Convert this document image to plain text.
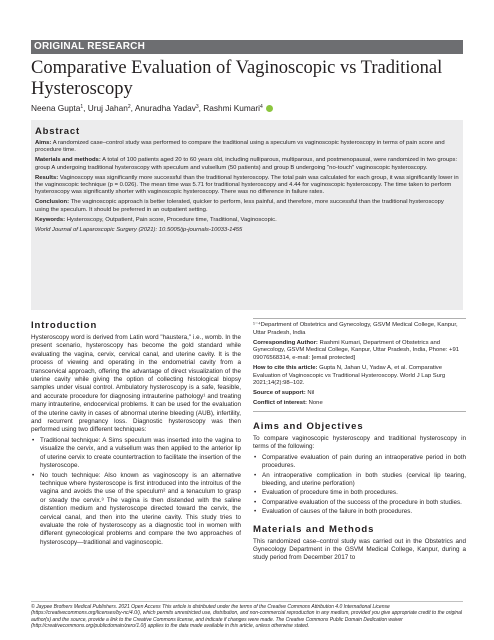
ORIGINAL RESEARCH
Comparative Evaluation of Vaginoscopic vs Traditional Hysteroscopy
Neena Gupta$^1$, Uruj Jahan$^2$, Anuradha Yadav$^3$, Rashmi Kumari$^4$
Abstract

Aims: A randomized case–control study was performed to compare the traditional using a speculum vs vaginoscopic hysteroscopy in terms of pain score and procedure time.

Materials and methods: A total of 100 patients aged 20 to 60 years old, including nulliparous, multiparous, and postmenopausal, were randomized in two groups: group A undergoing traditional hysteroscopy with speculum and vulsellum (50 patients) and group B undergoing "no-touch" vaginoscopic hysteroscopy.

Results: Vaginoscopy was significantly more successful than the traditional hysteroscopy. The total pain was calculated for each group, it was significantly lower in the vaginoscopic technique (p = 0.026). The mean time was 5.71 for traditional hysteroscopy and 4.44 for vaginoscopic hysteroscopy. The time taken to perform hysteroscopy was significantly shorter with vaginoscopic hysteroscopy. There was no difference in failure rates.

Conclusion: The vaginoscopic approach is better tolerated, quicker to perform, less painful, and therefore, more successful than the traditional hysteroscopy using the speculum. It should be preferred in an outpatient setting.

Keywords: Hysteroscopy, Outpatient, Pain score, Procedure time, Traditional, Vaginoscopic.

World Journal of Laparoscopic Surgery (2021): 10.5005/jp-journals-10033-1455

Introduction

Hysteroscopy word is derived from Latin word "haustera," i.e., womb. In the present scenario, hysteroscopy has become the gold standard while evaluating the vagina, cervix, cervical canal, and uterine cavity. It is the process of viewing and operating in the endometrial cavity from a transcervical approach, offering the advantage of direct visualization of the uterine cavity while giving the option of collecting histological biopsy samples under visual control. Ambulatory hysteroscopy is a safe, feasible, and accurate procedure for diagnosing intrauterine pathology¹ and treating many intrauterine, endocervical problems. It can be used for the evaluation of the uterine cavity in cases of abnormal uterine bleeding (AUB), infertility, and recurrent pregnancy loss. Diagnostic hysteroscopy was then performed using two different techniques:

• Traditional technique: A Sims speculum was inserted into the vagina to visualize the cervix, and a vulsellum was then applied to the anterior lip of uterine cervix to create countertraction to facilitate the insertion of the hysteroscope.
• No touch technique: Also known as vaginoscopy is an alternative technique where hysteroscope is first introduced into the introitus of the vagina and avoids the use of the speculum² and a tenaculum to grasp or steady the cervix.³ The vagina is then distended with the saline distention medium and hysteroscope directed toward the cervix, the cervical canal, and then into the uterine cavity. This study tries to evaluate the role of hysteroscopy as a diagnostic tool in women with different gynecological problems and compare the two approaches of hysteroscopy—traditional and vaginoscopic.

¹⁻⁴Department of Obstetrics and Gynecology, GSVM Medical College, Kanpur, Uttar Pradesh, India

Corresponding Author: Rashmi Kumari, Department of Obstetrics and Gynecology, GSVM Medical College, Kanpur, Uttar Pradesh, India, Phone: +91 09076568314, e-mail: [email protected]

How to cite this article: Gupta N, Jahan U, Yadav A, et al. Comparative Evaluation of Vaginoscopic vs Traditional Hysteroscopy. World J Lap Surg 2021;14(2):98–102.

Source of support: Nil

Conflict of interest: None

Aims and Objectives

To compare vaginoscopic hysteroscopy and traditional hysteroscopy in terms of the following:

• Comparative evaluation of pain during an intraoperative period in both procedures.
• An intraoperative complication in both studies (cervical lip tearing, bleeding, and uterine perforation)
• Evaluation of procedure time in both procedures.
• Comparative evaluation of the success of the procedure in both studies.
• Evaluation of causes of the failure in both procedures.
Materials and Methods

This randomized case–control study was carried out in the Obstetrics and Gynecology Department in the GSVM Medical College, Kanpur, during a study period from December 2017 to

© Jaypee Brothers Medical Publishers. 2021 Open Access This article is distributed under the terms of the Creative Commons Attribution 4.0 International License (https://creativecommons.org/licenses/by-nc/4.0/), which permits unrestricted use, distribution, and non-commercial reproduction in any medium, provided you give appropriate credit to the original author(s) and the source, provide a link to the Creative Commons license, and indicate if changes were made. The Creative Commons Public Domain Dedication waiver (http://creativecommons.org/publicdomain/zero/1.0/) applies to the data made available in this article, unless otherwise stated.
